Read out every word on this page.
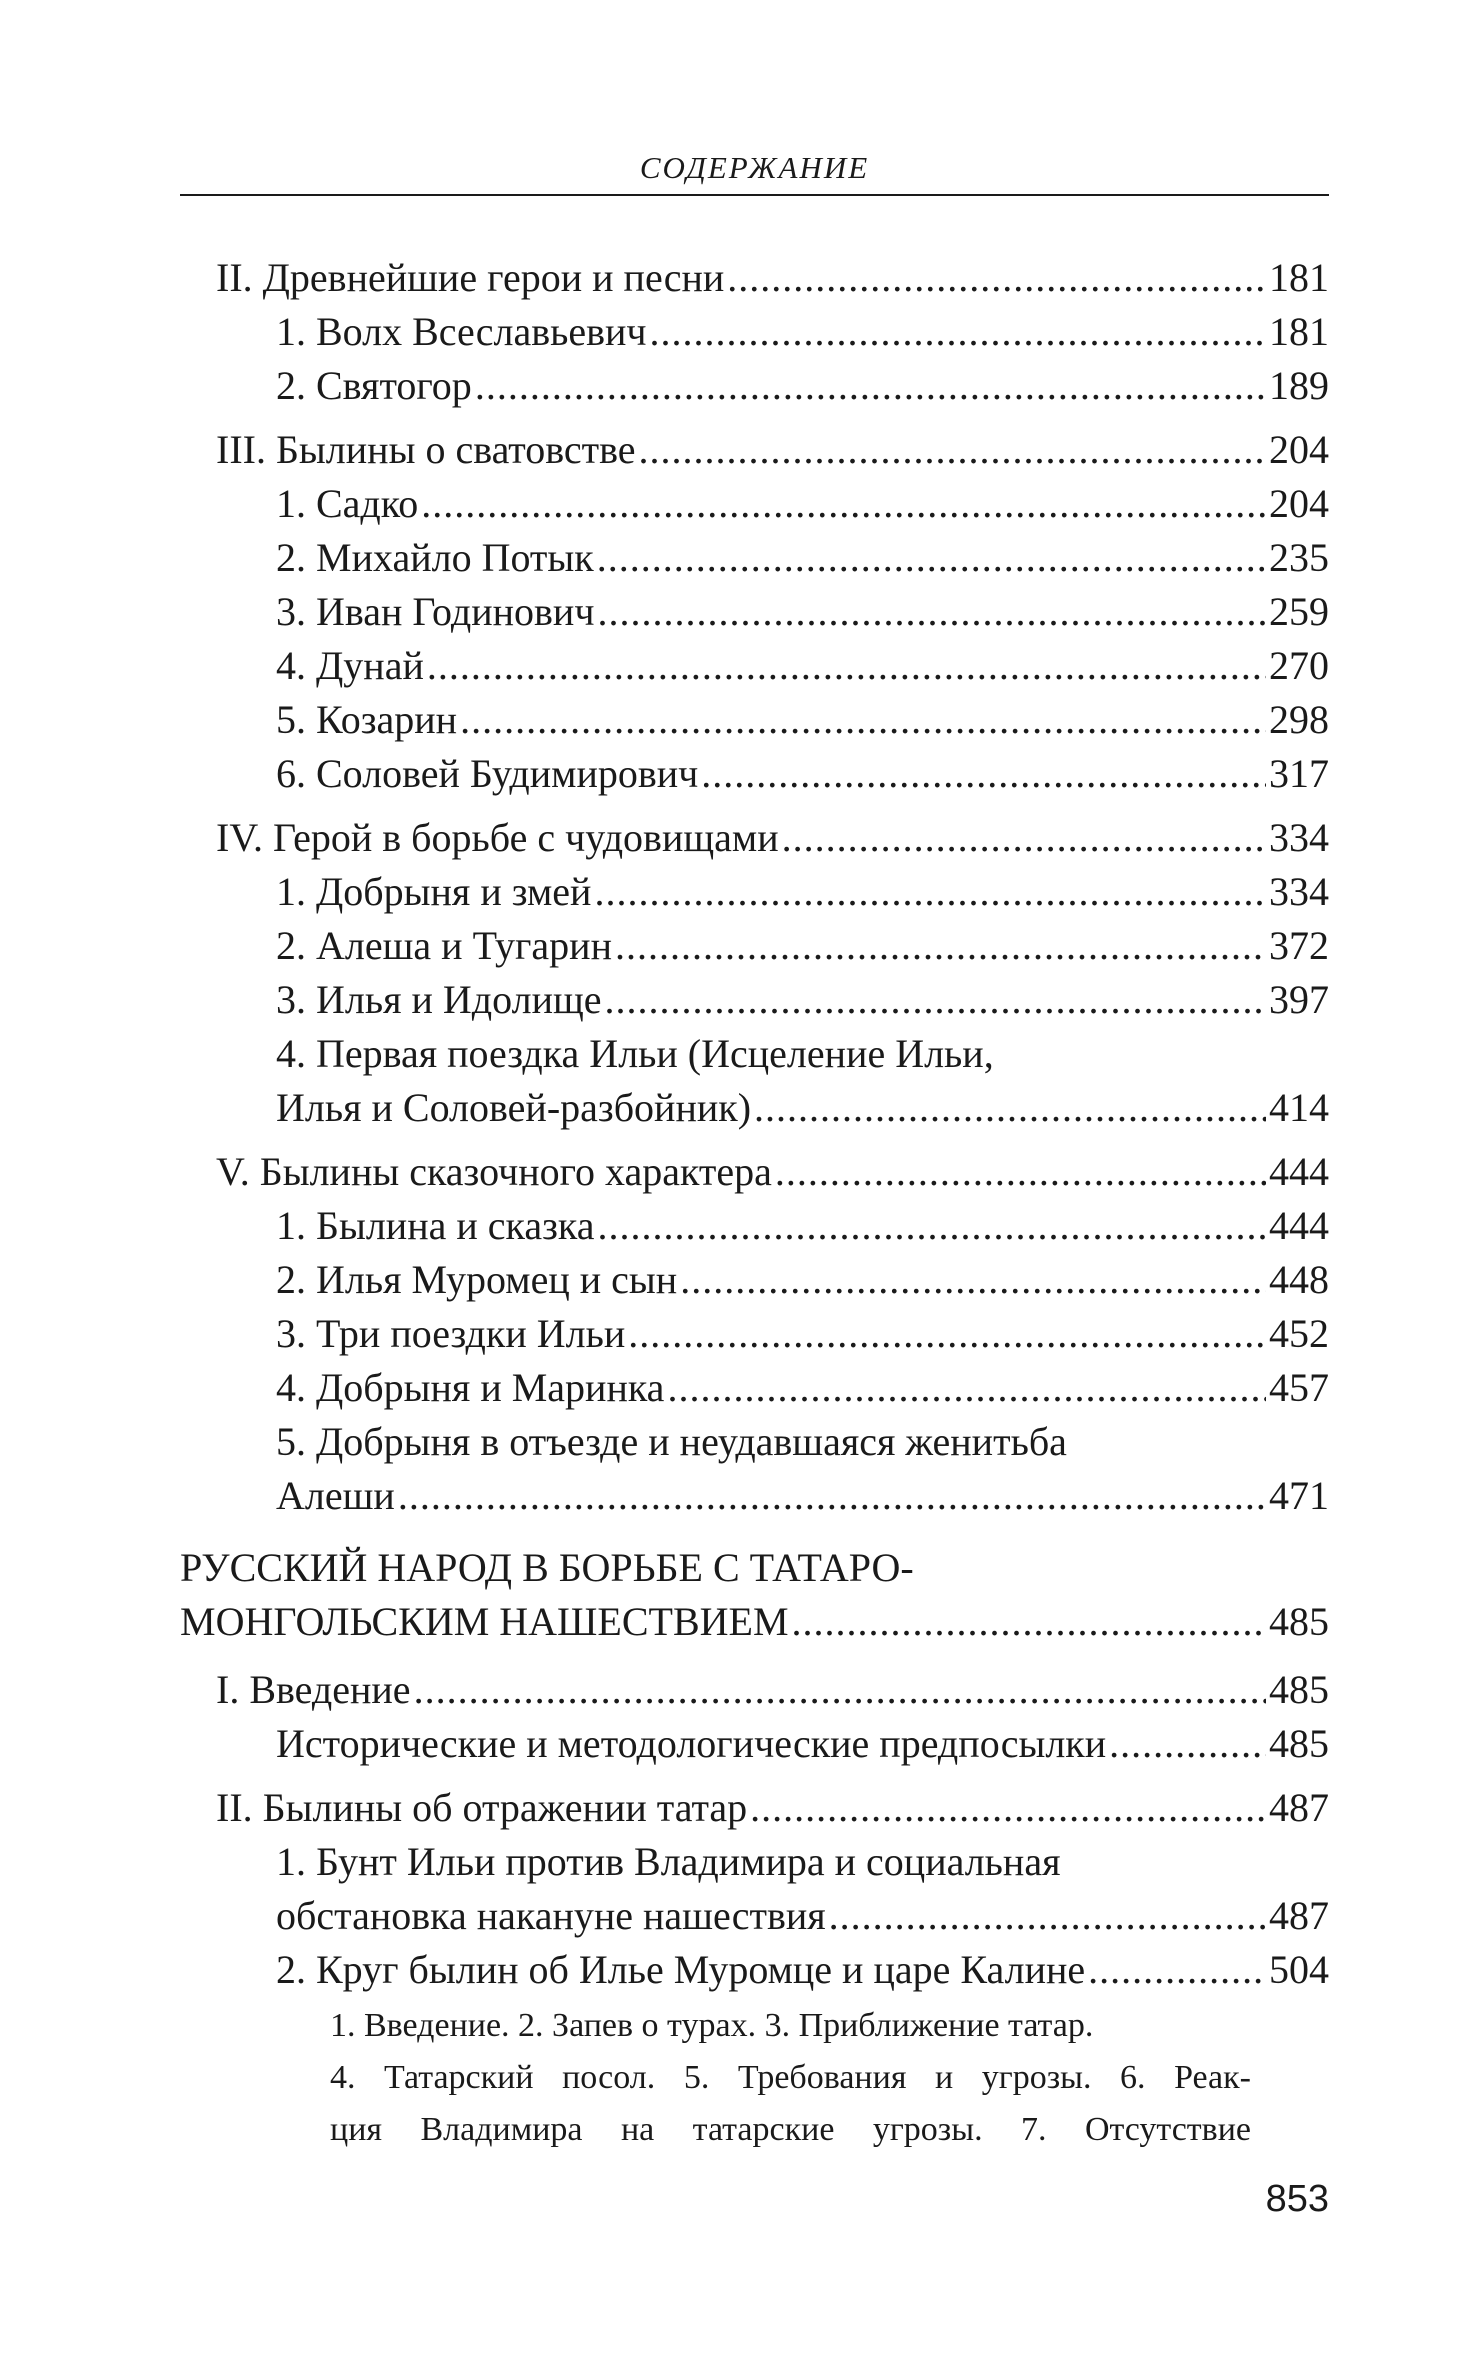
СОДЕРЖАНИЕ
II. Древнейшие герои и песни .....	181
1. Волх Всеславьевич .....	181
2. Святогор .....	189
III. Былины о сватовстве .....	204
1. Садко .....	204
2. Михайло Потык .....	235
3. Иван Годинович .....	259
4. Дунай .....	270
5. Козарин .....	298
6. Соловей Будимирович .....	317
IV. Герой в борьбе с чудовищами .....	334
1. Добрыня и змей .....	334
2. Алеша и Тугарин .....	372
3. Илья и Идолище .....	397
4. Первая поездка Ильи (Исцеление Ильи,
Илья и Соловей-разбойник) .....	414
V. Былины сказочного характера .....	444
1. Былина и сказка .....	444
2. Илья Муромец и сын .....	448
3. Три поездки Ильи .....	452
4. Добрыня и Маринка .....	457
5. Добрыня в отъезде и неудавшаяся женитьба
Алеши .....	471
РУССКИЙ НАРОД В БОРЬБЕ С ТАТАРО-
МОНГОЛЬСКИМ НАШЕСТВИЕМ .....	485
I. Введение .....	485
Исторические и методологические предпосылки .....	485
II. Былины об отражении татар .....	487
1. Бунт Ильи против Владимира и социальная
обстановка накануне нашествия .....	487
2. Круг былин об Илье Муромце и царе Калине .....	504
1. Введение. 2. Запев о турах. 3. Приближение татар.
4. Татарский посол. 5. Требования и угрозы. 6. Реак-
ция Владимира на татарские угрозы. 7. Отсутствие
853
